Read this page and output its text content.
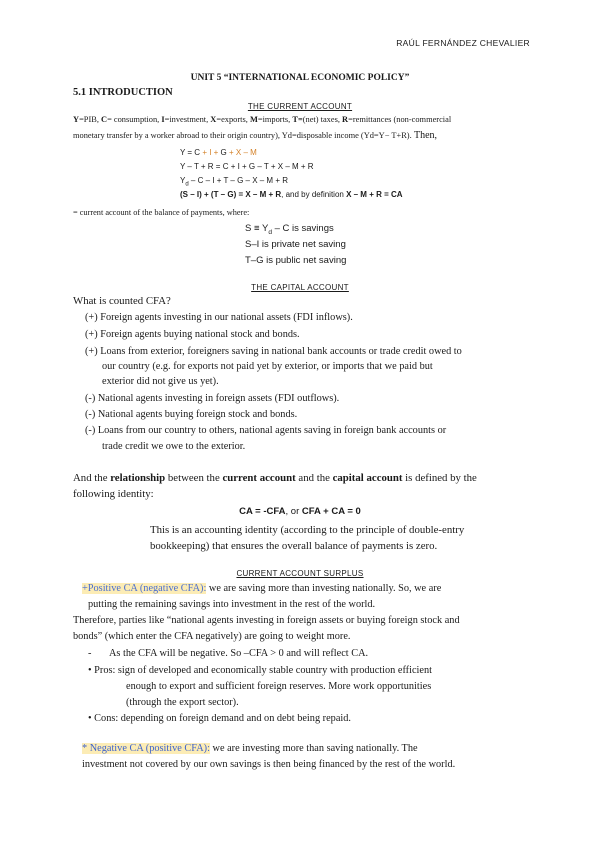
RAÚL FERNÁNDEZ CHEVALIER
UNIT 5 “INTERNATIONAL ECONOMIC POLICY”
5.1 INTRODUCTION
THE CURRENT ACCOUNT
Y=PIB, C= consumption, I=investment, X=exports, M=imports, T=(net) taxes, R=remittances (non-commercial
monetary transfer by a worker abroad to their origin country), Yd=disposable income (Yd=Y− T+R). Then,
Y = C + I + G + X – M
Y – T + R = C + I + G – T + X – M + R
$Y_d - C - I + T - G - X - M + R$
(S – I) + (T – G) = X – M + R, and by definition X – M + R = CA
= current account of the balance of payments, where:
$S \equiv Y_d - C$ is savings
S–I is private net saving
T–G is public net saving
THE CAPITAL ACCOUNT
What is counted CFA?
(+) Foreign agents investing in our national assets (FDI inflows).
(+) Foreign agents buying national stock and bonds.
(+) Loans from exterior, foreigners saving in national bank accounts or trade credit owed to
our country (e.g. for exports not paid yet by exterior, or imports that we paid but
exterior did not give us yet).
(-) National agents investing in foreign assets (FDI outflows).
(-) National agents buying foreign stock and bonds.
(-) Loans from our country to others, national agents saving in foreign bank accounts or
trade credit we owe to the exterior.
And the relationship between the current account and the capital account is defined by the
following identity:
CA = -CFA, or CFA + CA = 0
This is an accounting identity (according to the principle of double-entry
bookkeeping) that ensures the overall balance of payments is zero.
CURRENT ACCOUNT SURPLUS
+Positive CA (negative CFA): we are saving more than investing nationally. So, we are
putting the remaining savings into investment in the rest of the world.
Therefore, parties like “national agents investing in foreign assets or buying foreign stock and
bonds” (which enter the CFA negatively) are going to weight more.
- As the CFA will be negative. So –CFA > 0 and will reflect CA.
• Pros: sign of developed and economically stable country with production efficient
enough to export and sufficient foreign reserves. More work opportunities
(through the export sector).
• Cons: depending on foreign demand and on debt being repaid.
* Negative CA (positive CFA): we are investing more than saving nationally. The
investment not covered by our own savings is then being financed by the rest of the world.
